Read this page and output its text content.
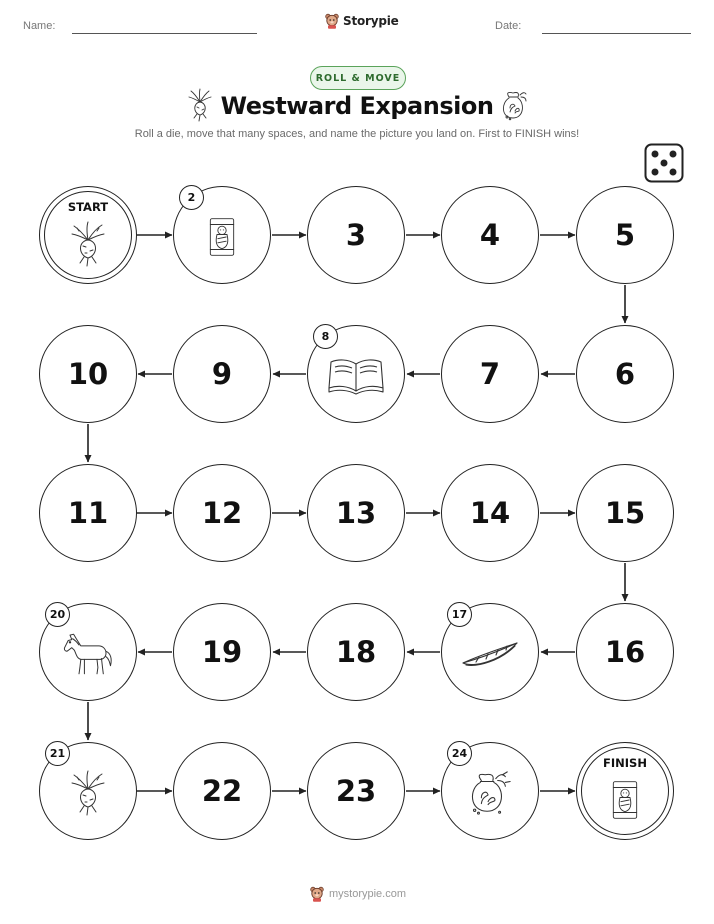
Name:	Storypie	Date:
ROLL & MOVE
Westward Expansion
Roll a die, move that many spaces, and name the picture you land on. First to FINISH wins!
START
2
3	4	5
6
7
8
9
10
11	12	13	14	15
16
17
18
19
20
21
22	23
24
FINISH
mystorypie.com
